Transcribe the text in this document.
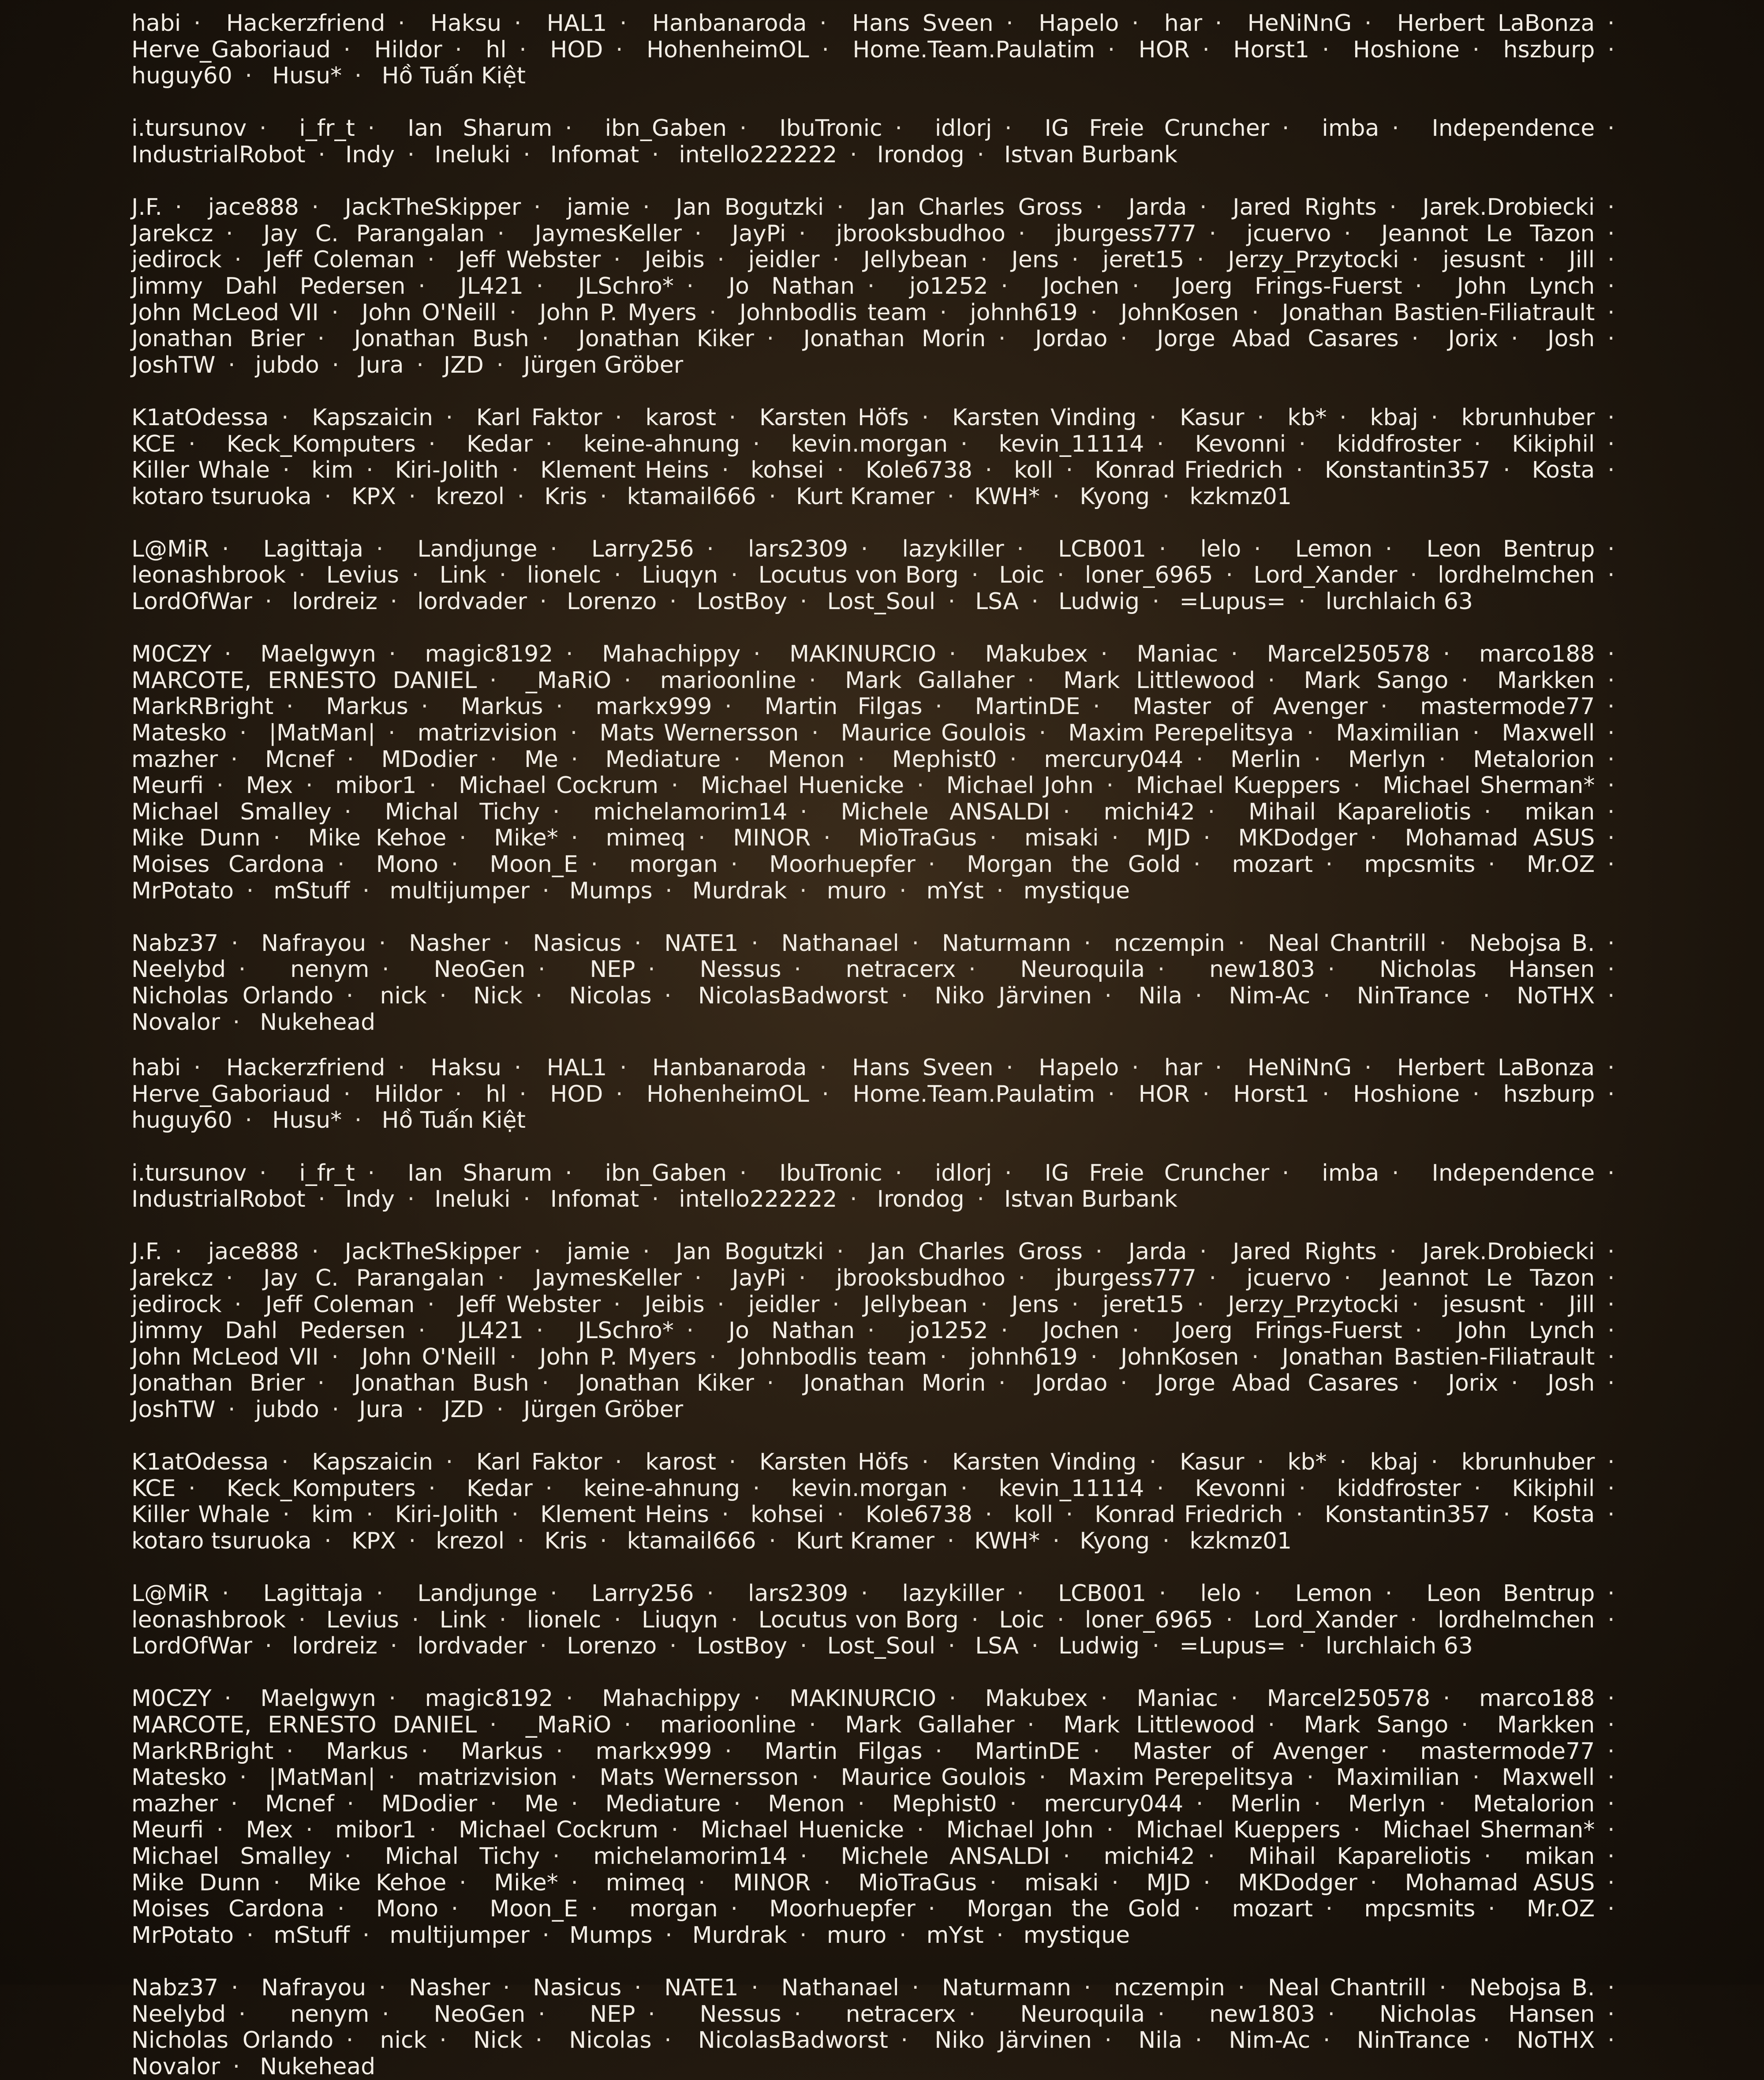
habi · Hackerzfriend · Haksu · HAL1 · Hanbanaroda · Hans Sveen · Hapelo · har · HeNiNnG · Herbert LaBonza · Herve_Gaboriaud · Hildor · hl · HOD · HohenheimOL · Home.Team.Paulatim · HOR · Horst1 · Hoshione · hszburp · huguy60 · Husu* · Hồ Tuấn Kiệt

i.tursunov · i_fr_t · Ian Sharum · ibn_Gaben · IbuTronic · idlorj · IG Freie Cruncher · imba · Independence · IndustrialRobot · Indy · Ineluki · Infomat · intello222222 · Irondog · Istvan Burbank

J.F. · jace888 · JackTheSkipper · jamie · Jan Bogutzki · Jan Charles Gross · Jarda · Jared Rights · Jarek.Drobiecki · Jarekcz · Jay C. Parangalan · JaymesKeller · JayPi · jbrooksbudhoo · jburgess777 · jcuervo · Jeannot Le Tazon · jedirock · Jeff Coleman · Jeff Webster · Jeibis · jeidler · Jellybean · Jens · jeret15 · Jerzy_Przytocki · jesusnt · Jill · Jimmy Dahl Pedersen · JL421 · JLSchro* · Jo Nathan · jo1252 · Jochen · Joerg Frings-Fuerst · John Lynch · John McLeod VII · John O'Neill · John P. Myers · Johnbodlis team · johnh619 · JohnKosen · Jonathan Bastien-Filiatrault · Jonathan Brier · Jonathan Bush · Jonathan Kiker · Jonathan Morin · Jordao · Jorge Abad Casares · Jorix · Josh · JoshTW · jubdo · Jura · JZD · Jürgen Gröber

K1atOdessa · Kapszaicin · Karl Faktor · karost · Karsten Höfs · Karsten Vinding · Kasur · kb* · kbaj · kbrunhuber · KCE · Keck_Komputers · Kedar · keine-ahnung · kevin.morgan · kevin_11114 · Kevonni · kiddfroster · Kikiphil · Killer Whale · kim · Kiri-Jolith · Klement Heins · kohsei · Kole6738 · koll · Konrad Friedrich · Konstantin357 · Kosta · kotaro tsuruoka · KPX · krezol · Kris · ktamail666 · Kurt Kramer · KWH* · Kyong · kzkmz01

L@MiR · Lagittaja · Landjunge · Larry256 · lars2309 · lazykiller · LCB001 · lelo · Lemon · Leon Bentrup · leonashbrook · Levius · Link · lionelc · Liuqyn · Locutus von Borg · Loic · loner_6965 · Lord_Xander · lordhelmchen · LordOfWar · lordreiz · lordvader · Lorenzo · LostBoy · Lost_Soul · LSA · Ludwig · =Lupus= · lurchlaich 63

M0CZY · Maelgwyn · magic8192 · Mahachippy · MAKINURCIO · Makubex · Maniac · Marcel250578 · marco188 · MARCOTE, ERNESTO DANIEL · _MaRiO · marioonline · Mark Gallaher · Mark Littlewood · Mark Sango · Markken · MarkRBright · Markus · Markus · markx999 · Martin Filgas · MartinDE · Master of Avenger · mastermode77 · Matesko · |MatMan| · matrizvision · Mats Wernersson · Maurice Goulois · Maxim Perepelitsya · Maximilian · Maxwell · mazher · Mcnef · MDodier · Me · Mediature · Menon · Mephist0 · mercury044 · Merlin · Merlyn · Metalorion · Meurfi · Mex · mibor1 · Michael Cockrum · Michael Huenicke · Michael John · Michael Kueppers · Michael Sherman* · Michael Smalley · Michal Tichy · michelamorim14 · Michele ANSALDI · michi42 · Mihail Kapareliotis · mikan · Mike Dunn · Mike Kehoe · Mike* · mimeq · MINOR · MioTraGus · misaki · MJD · MKDodger · Mohamad ASUS · Moises Cardona · Mono · Moon_E · morgan · Moorhuepfer · Morgan the Gold · mozart · mpcsmits · Mr.OZ · MrPotato · mStuff · multijumper · Mumps · Murdrak · muro · mYst · mystique

Nabz37 · Nafrayou · Nasher · Nasicus · NATE1 · Nathanael · Naturmann · nczempin · Neal Chantrill · Nebojsa B. · Neelybd · nenym · NeoGen · NEP · Nessus · netracerx · Neuroquila · new1803 · Nicholas Hansen · Nicholas Orlando · nick · Nick · Nicolas · NicolasBadworst · Niko Järvinen · Nila · Nim-Ac · NinTrance · NoTHX · Novalor · Nukehead

habi · Hackerzfriend · Haksu · HAL1 · Hanbanaroda · Hans Sveen · Hapelo · har · HeNiNnG · Herbert LaBonza · Herve_Gaboriaud · Hildor · hl · HOD · HohenheimOL · Home.Team.Paulatim · HOR · Horst1 · Hoshione · hszburp · huguy60 · Husu* · Hồ Tuấn Kiệt

i.tursunov · i_fr_t · Ian Sharum · ibn_Gaben · IbuTronic · idlorj · IG Freie Cruncher · imba · Independence · IndustrialRobot · Indy · Ineluki · Infomat · intello222222 · Irondog · Istvan Burbank

J.F. · jace888 · JackTheSkipper · jamie · Jan Bogutzki · Jan Charles Gross · Jarda · Jared Rights · Jarek.Drobiecki · Jarekcz · Jay C. Parangalan · JaymesKeller · JayPi · jbrooksbudhoo · jburgess777 · jcuervo · Jeannot Le Tazon · jedirock · Jeff Coleman · Jeff Webster · Jeibis · jeidler · Jellybean · Jens · jeret15 · Jerzy_Przytocki · jesusnt · Jill · Jimmy Dahl Pedersen · JL421 · JLSchro* · Jo Nathan · jo1252 · Jochen · Joerg Frings-Fuerst · John Lynch · John McLeod VII · John O'Neill · John P. Myers · Johnbodlis team · johnh619 · JohnKosen · Jonathan Bastien-Filiatrault · Jonathan Brier · Jonathan Bush · Jonathan Kiker · Jonathan Morin · Jordao · Jorge Abad Casares · Jorix · Josh · JoshTW · jubdo · Jura · JZD · Jürgen Gröber

K1atOdessa · Kapszaicin · Karl Faktor · karost · Karsten Höfs · Karsten Vinding · Kasur · kb* · kbaj · kbrunhuber · KCE · Keck_Komputers · Kedar · keine-ahnung · kevin.morgan · kevin_11114 · Kevonni · kiddfroster · Kikiphil · Killer Whale · kim · Kiri-Jolith · Klement Heins · kohsei · Kole6738 · koll · Konrad Friedrich · Konstantin357 · Kosta · kotaro tsuruoka · KPX · krezol · Kris · ktamail666 · Kurt Kramer · KWH* · Kyong · kzkmz01

L@MiR · Lagittaja · Landjunge · Larry256 · lars2309 · lazykiller · LCB001 · lelo · Lemon · Leon Bentrup · leonashbrook · Levius · Link · lionelc · Liuqyn · Locutus von Borg · Loic · loner_6965 · Lord_Xander · lordhelmchen · LordOfWar · lordreiz · lordvader · Lorenzo · LostBoy · Lost_Soul · LSA · Ludwig · =Lupus= · lurchlaich 63

M0CZY · Maelgwyn · magic8192 · Mahachippy · MAKINURCIO · Makubex · Maniac · Marcel250578 · marco188 · MARCOTE, ERNESTO DANIEL · _MaRiO · marioonline · Mark Gallaher · Mark Littlewood · Mark Sango · Markken · MarkRBright · Markus · Markus · markx999 · Martin Filgas · MartinDE · Master of Avenger · mastermode77 · Matesko · |MatMan| · matrizvision · Mats Wernersson · Maurice Goulois · Maxim Perepelitsya · Maximilian · Maxwell · mazher · Mcnef · MDodier · Me · Mediature · Menon · Mephist0 · mercury044 · Merlin · Merlyn · Metalorion · Meurfi · Mex · mibor1 · Michael Cockrum · Michael Huenicke · Michael John · Michael Kueppers · Michael Sherman* · Michael Smalley · Michal Tichy · michelamorim14 · Michele ANSALDI · michi42 · Mihail Kapareliotis · mikan · Mike Dunn · Mike Kehoe · Mike* · mimeq · MINOR · MioTraGus · misaki · MJD · MKDodger · Mohamad ASUS · Moises Cardona · Mono · Moon_E · morgan · Moorhuepfer · Morgan the Gold · mozart · mpcsmits · Mr.OZ · MrPotato · mStuff · multijumper · Mumps · Murdrak · muro · mYst · mystique

Nabz37 · Nafrayou · Nasher · Nasicus · NATE1 · Nathanael · Naturmann · nczempin · Neal Chantrill · Nebojsa B. · Neelybd · nenym · NeoGen · NEP · Nessus · netracerx · Neuroquila · new1803 · Nicholas Hansen · Nicholas Orlando · nick · Nick · Nicolas · NicolasBadworst · Niko Järvinen · Nila · Nim-Ac · NinTrance · NoTHX · Novalor · Nukehead
